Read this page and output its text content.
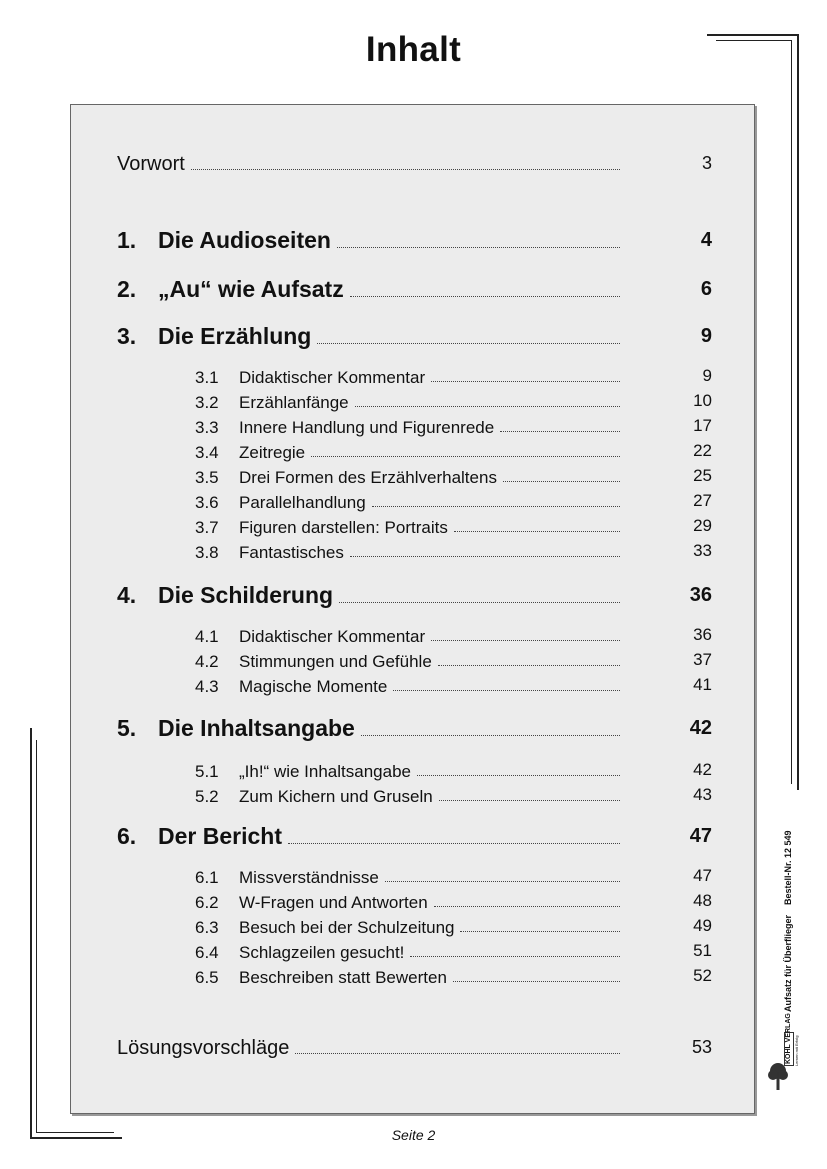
Inhalt
Vorwort	3
1. Die Audioseiten	4
2. „Au“ wie Aufsatz	6
3. Die Erzählung	9
3.1	Didaktischer Kommentar	9
3.2	Erzählanfänge	10
3.3	Innere Handlung und Figurenrede	17
3.4	Zeitregie	22
3.5	Drei Formen des Erzählverhaltens	25
3.6	Parallelhandlung	27
3.7	Figuren darstellen: Portraits	29
3.8	Fantastisches	33
4. Die Schilderung	36
4.1	Didaktischer Kommentar	36
4.2	Stimmungen und Gefühle	37
4.3	Magische Momente	41
5. Die Inhaltsangabe	42
5.1	„Ih!“ wie Inhaltsangabe	42
5.2	Zum Kichern und Gruseln	43
6. Der Bericht	47
6.1	Missverständnisse	47
6.2	W-Fragen und Antworten	48
6.3	Besuch bei der Schulzeitung	49
6.4	Schlagzeilen gesucht!	51
6.5	Beschreiben statt Bewerten	52
Lösungsvorschläge	53
Aufsatz für Überflieger
Bestell-Nr. 12 549
KOHL VERLAG Lernen mit Erfolg
Seite 2
